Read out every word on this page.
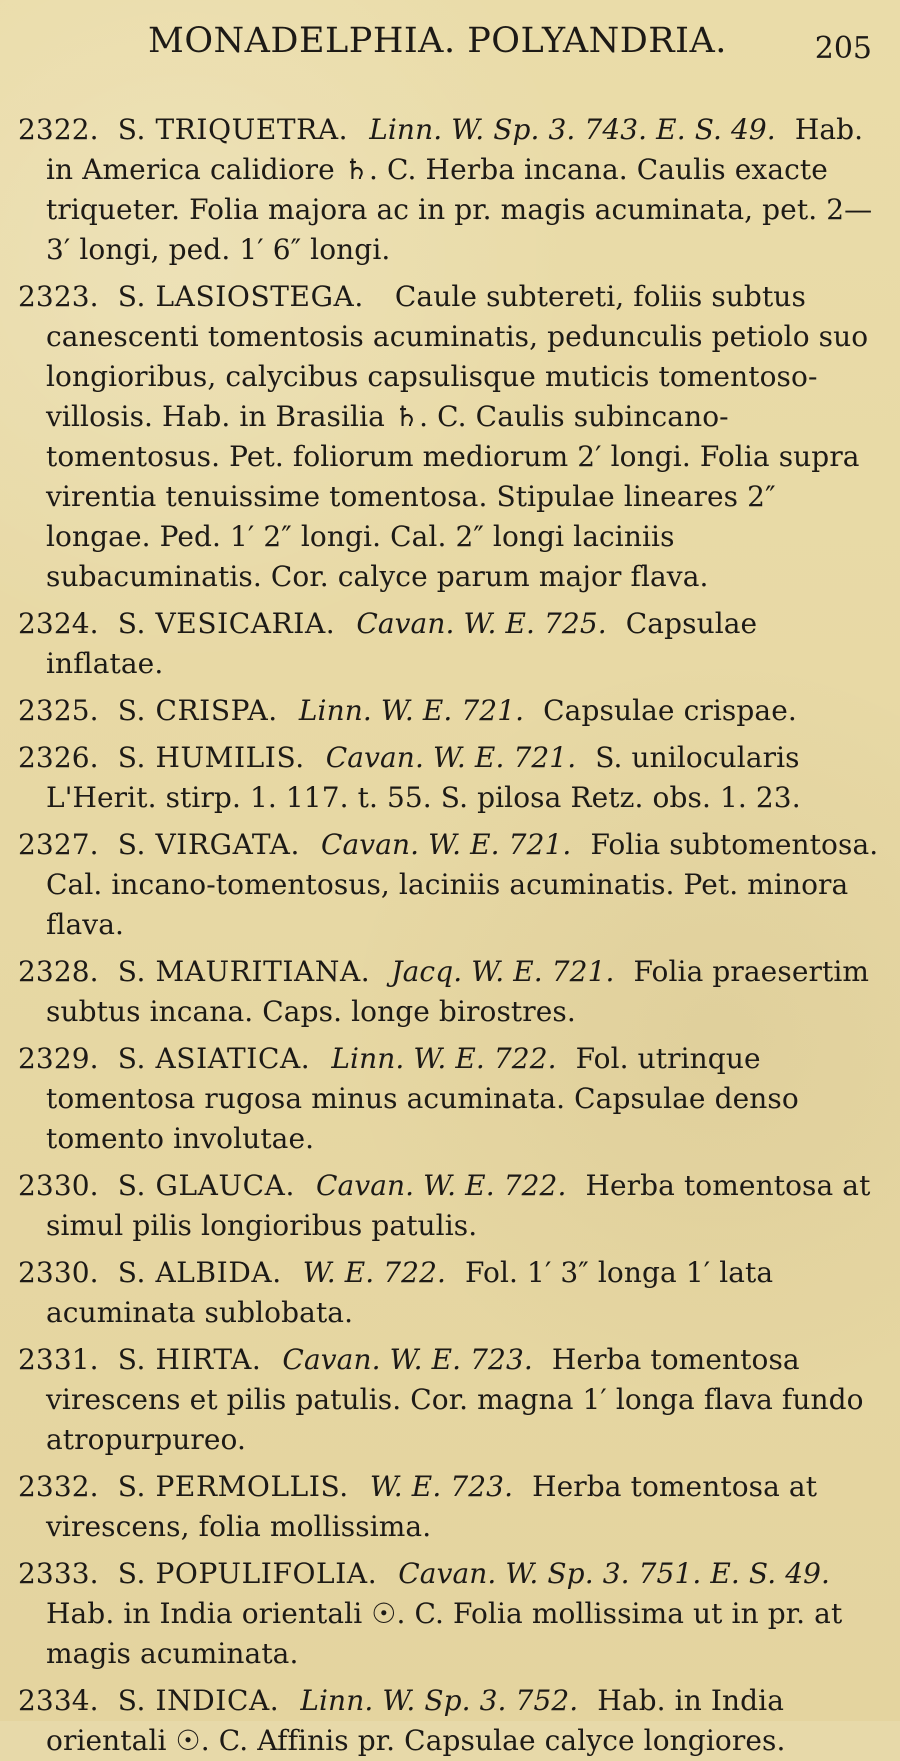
MONADELPHIA. POLYANDRIA.	205

2322. S. TRIQUETRA. Linn. W. Sp. 3. 743. E. S. 49. Hab. in America calidiore ♄. C. Herba incana. Caulis exacte triqueter. Folia majora ac in pr. magis acuminata, pet. 2—3′ longi, ped. 1′ 6″ longi.

2323. S. LASIOSTEGA. Caule subtereti, foliis subtus canescenti tomentosis acuminatis, pedunculis petiolo suo longioribus, calycibus capsulisque muticis tomentoso-villosis. Hab. in Brasilia ♄. C. Caulis subincano-tomentosus. Pet. foliorum mediorum 2′ longi. Folia supra virentia tenuissime tomentosa. Stipulae lineares 2″ longae. Ped. 1′ 2″ longi. Cal. 2″ longi laciniis subacuminatis. Cor. calyce parum major flava.

2324. S. VESICARIA. Cavan. W. E. 725. Capsulae inflatae.

2325. S. CRISPA. Linn. W. E. 721. Capsulae crispae.

2326. S. HUMILIS. Cavan. W. E. 721. S. unilocularis L'Herit. stirp. 1. 117. t. 55. S. pilosa Retz. obs. 1. 23.

2327. S. VIRGATA. Cavan. W. E. 721. Folia subtomentosa. Cal. incano-tomentosus, laciniis acuminatis. Pet. minora flava.

2328. S. MAURITIANA. Jacq. W. E. 721. Folia praesertim subtus incana. Caps. longe birostres.

2329. S. ASIATICA. Linn. W. E. 722. Fol. utrinque tomentosa rugosa minus acuminata. Capsulae denso tomento involutae.

2330. S. GLAUCA. Cavan. W. E. 722. Herba tomentosa at simul pilis longioribus patulis.

2330. S. ALBIDA. W. E. 722. Fol. 1′ 3″ longa 1′ lata acuminata sublobata.

2331. S. HIRTA. Cavan. W. E. 723. Herba tomentosa virescens et pilis patulis. Cor. magna 1′ longa flava fundo atropurpureo.

2332. S. PERMOLLIS. W. E. 723. Herba tomentosa at virescens, folia mollissima.

2333. S. POPULIFOLIA. Cavan. W. Sp. 3. 751. E. S. 49. Hab. in India orientali ☉. C. Folia mollissima ut in pr. at magis acuminata.

2334. S. INDICA. Linn. W. Sp. 3. 752. Hab. in India orientali ☉. C. Affinis pr. Capsulae calyce longiores.
